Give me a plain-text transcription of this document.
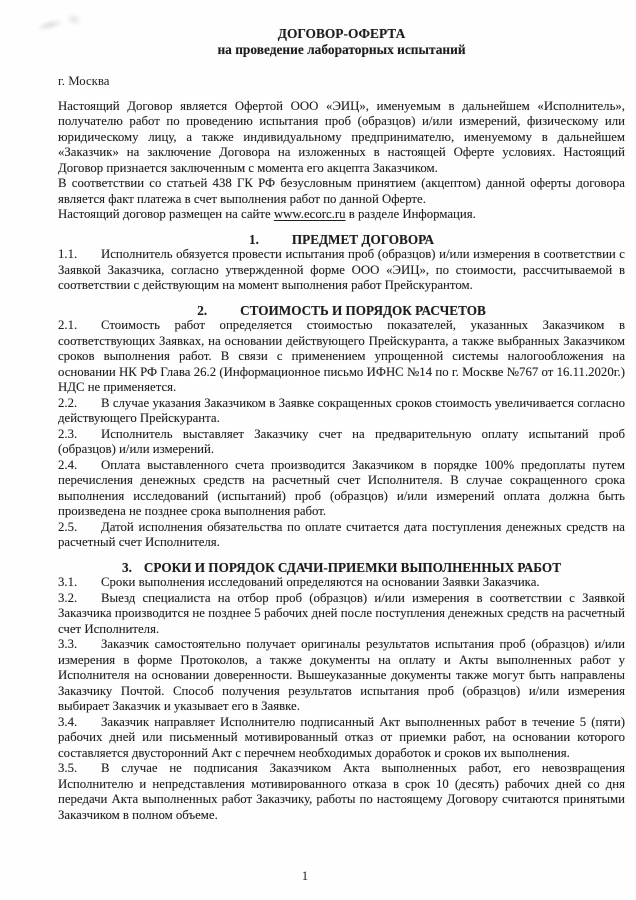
ДОГОВОР-ОФЕРТА
на проведение лабораторных испытаний
г. Москва

Настоящий Договор является Офертой ООО «ЭИЦ», именуемым в дальнейшем «Исполнитель», получателю работ по проведению испытания проб (образцов) и/или измерений, физическому или юридическому лицу, а также индивидуальному предпринимателю, именуемому в дальнейшем «Заказчик» на заключение Договора на изложенных в настоящей Оферте условиях. Настоящий Договор признается заключенным с момента его акцепта Заказчиком.

В соответствии со статьей 438 ГК РФ безусловным принятием (акцептом) данной оферты договора является факт платежа в счет выполнения работ по данной Оферте.

Настоящий договор размещен на сайте www.ecorc.ru в разделе Информация.

1.	ПРЕДМЕТ ДОГОВОРА

1.1. Исполнитель обязуется провести испытания проб (образцов) и/или измерения в соответствии с Заявкой Заказчика, согласно утвержденной форме ООО «ЭИЦ», по стоимости, рассчитываемой в соответствии с действующим на момент выполнения работ Прейскурантом.

2.	СТОИМОСТЬ И ПОРЯДОК РАСЧЕТОВ

2.1. Стоимость работ определяется стоимостью показателей, указанных Заказчиком в соответствующих Заявках, на основании действующего Прейскуранта, а также выбранных Заказчиком сроков выполнения работ. В связи с применением упрощенной системы налогообложения на основании НК РФ Глава 26.2 (Информационное письмо ИФНС №14 по г. Москве №767 от 16.11.2020г.) НДС не применяется.

2.2. В случае указания Заказчиком в Заявке сокращенных сроков стоимость увеличивается согласно действующего Прейскуранта.

2.3. Исполнитель выставляет Заказчику счет на предварительную оплату испытаний проб (образцов) и/или измерений.

2.4. Оплата выставленного счета производится Заказчиком в порядке 100% предоплаты путем перечисления денежных средств на расчетный счет Исполнителя. В случае сокращенного срока выполнения исследований (испытаний) проб (образцов) и/или измерений оплата должна быть произведена не позднее срока выполнения работ.

2.5. Датой исполнения обязательства по оплате считается дата поступления денежных средств на расчетный счет Исполнителя.

3. СРОКИ И ПОРЯДОК СДАЧИ-ПРИЕМКИ ВЫПОЛНЕННЫХ РАБОТ

3.1. Сроки выполнения исследований определяются на основании Заявки Заказчика.

3.2. Выезд специалиста на отбор проб (образцов) и/или измерения в соответствии с Заявкой Заказчика производится не позднее 5 рабочих дней после поступления денежных средств на расчетный счет Исполнителя.

3.3. Заказчик самостоятельно получает оригиналы результатов испытания проб (образцов) и/или измерения в форме Протоколов, а также документы на оплату и Акты выполненных работ у Исполнителя на основании доверенности. Вышеуказанные документы также могут быть направлены Заказчику Почтой. Способ получения результатов испытания проб (образцов) и/или измерения выбирает Заказчик и указывает его в Заявке.

3.4. Заказчик направляет Исполнителю подписанный Акт выполненных работ в течение 5 (пяти) рабочих дней или письменный мотивированный отказ от приемки работ, на основании которого составляется двусторонний Акт с перечнем необходимых доработок и сроков их выполнения.

3.5. В случае не подписания Заказчиком Акта выполненных работ, его невозвращения Исполнителю и непредставления мотивированного отказа в срок 10 (десять) рабочих дней со дня передачи Акта выполненных работ Заказчику, работы по настоящему Договору считаются принятыми Заказчиком в полном объеме.

1
